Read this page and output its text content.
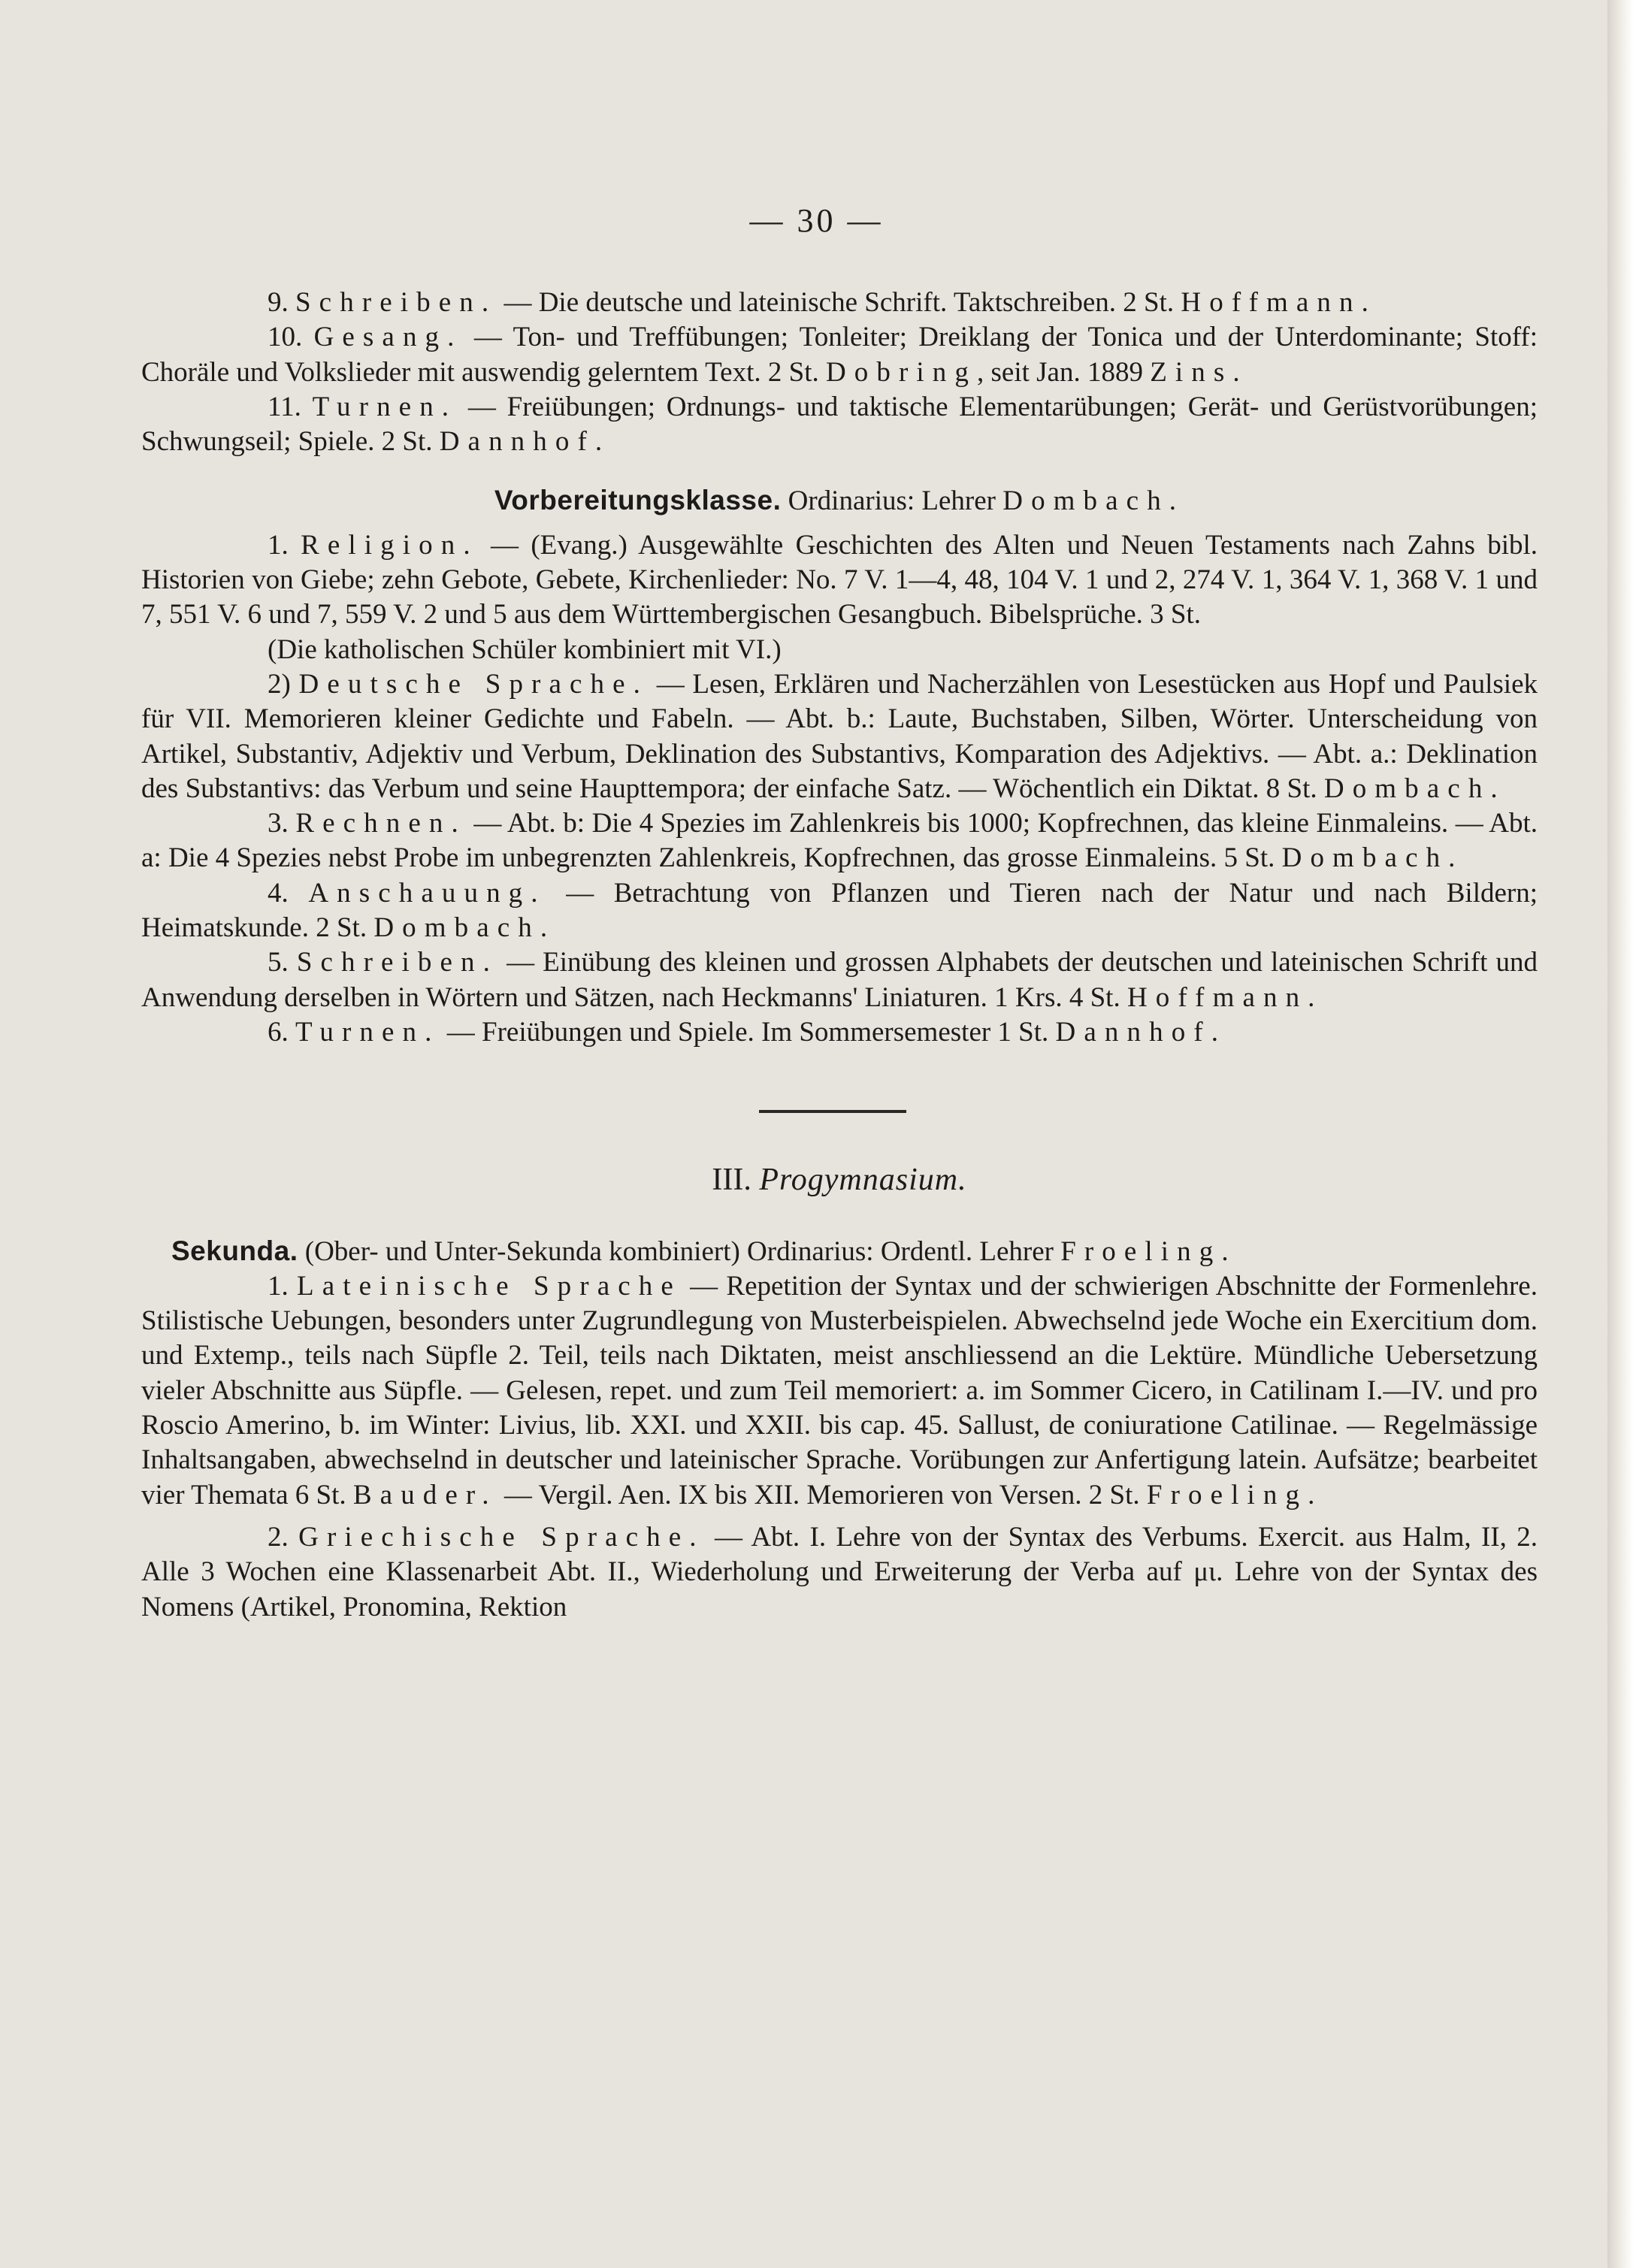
— 30 —

9. Schreiben. — Die deutsche und lateinische Schrift. Taktschreiben. 2 St. Hoffmann.

10. Gesang. — Ton- und Treffübungen; Tonleiter; Dreiklang der Tonica und der Unterdominante; Stoff: Choräle und Volkslieder mit auswendig gelerntem Text. 2 St. Dobring, seit Jan. 1889 Zins.

11. Turnen. — Freiübungen; Ordnungs- und taktische Elementarübungen; Gerät- und Gerüstvorübungen; Schwungseil; Spiele. 2 St. Dannhof.

Vorbereitungsklasse. Ordinarius: Lehrer Dombach.

1. Religion. — (Evang.) Ausgewählte Geschichten des Alten und Neuen Testaments nach Zahns bibl. Historien von Giebe; zehn Gebote, Gebete, Kirchenlieder: No. 7 V. 1—4, 48, 104 V. 1 und 2, 274 V. 1, 364 V. 1, 368 V. 1 und 7, 551 V. 6 und 7, 559 V. 2 und 5 aus dem Württembergischen Gesangbuch. Bibelsprüche. 3 St.

(Die katholischen Schüler kombiniert mit VI.)

2) Deutsche Sprache. — Lesen, Erklären und Nacherzählen von Lesestücken aus Hopf und Paulsiek für VII. Memorieren kleiner Gedichte und Fabeln. — Abt. b.: Laute, Buchstaben, Silben, Wörter. Unterscheidung von Artikel, Substantiv, Adjektiv und Verbum, Deklination des Substantivs, Komparation des Adjektivs. — Abt. a.: Deklination des Substantivs: das Verbum und seine Haupttempora; der einfache Satz. — Wöchentlich ein Diktat. 8 St. Dombach.

3. Rechnen. — Abt. b: Die 4 Spezies im Zahlenkreis bis 1000; Kopfrechnen, das kleine Einmaleins. — Abt. a: Die 4 Spezies nebst Probe im unbegrenzten Zahlenkreis, Kopfrechnen, das grosse Einmaleins. 5 St. Dombach.

4. Anschauung. — Betrachtung von Pflanzen und Tieren nach der Natur und nach Bildern; Heimatskunde. 2 St. Dombach.

5. Schreiben. — Einübung des kleinen und grossen Alphabets der deutschen und lateinischen Schrift und Anwendung derselben in Wörtern und Sätzen, nach Heckmanns' Liniaturen. 1 Krs. 4 St. Hoffmann.

6. Turnen. — Freiübungen und Spiele. Im Sommersemester 1 St. Dannhof.

III. Progymnasium.

Sekunda. (Ober- und Unter-Sekunda kombiniert) Ordinarius: Ordentl. Lehrer Froeling.

1. Lateinische Sprache — Repetition der Syntax und der schwierigen Abschnitte der Formenlehre. Stilistische Uebungen, besonders unter Zugrundlegung von Musterbeispielen. Abwechselnd jede Woche ein Exercitium dom. und Extemp., teils nach Süpfle 2. Teil, teils nach Diktaten, meist anschliessend an die Lektüre. Mündliche Uebersetzung vieler Abschnitte aus Süpfle. — Gelesen, repet. und zum Teil memoriert: a. im Sommer Cicero, in Catilinam I.—IV. und pro Roscio Amerino, b. im Winter: Livius, lib. XXI. und XXII. bis cap. 45. Sallust, de coniuratione Catilinae. — Regelmässige Inhaltsangaben, abwechselnd in deutscher und lateinischer Sprache. Vorübungen zur Anfertigung latein. Aufsätze; bearbeitet vier Themata 6 St. Bauder. — Vergil. Aen. IX bis XII. Memorieren von Versen. 2 St. Froeling.

2. Griechische Sprache. — Abt. I. Lehre von der Syntax des Verbums. Exercit. aus Halm, II, 2. Alle 3 Wochen eine Klassenarbeit Abt. II., Wiederholung und Erweiterung der Verba auf μι. Lehre von der Syntax des Nomens (Artikel, Pronomina, Rektion
